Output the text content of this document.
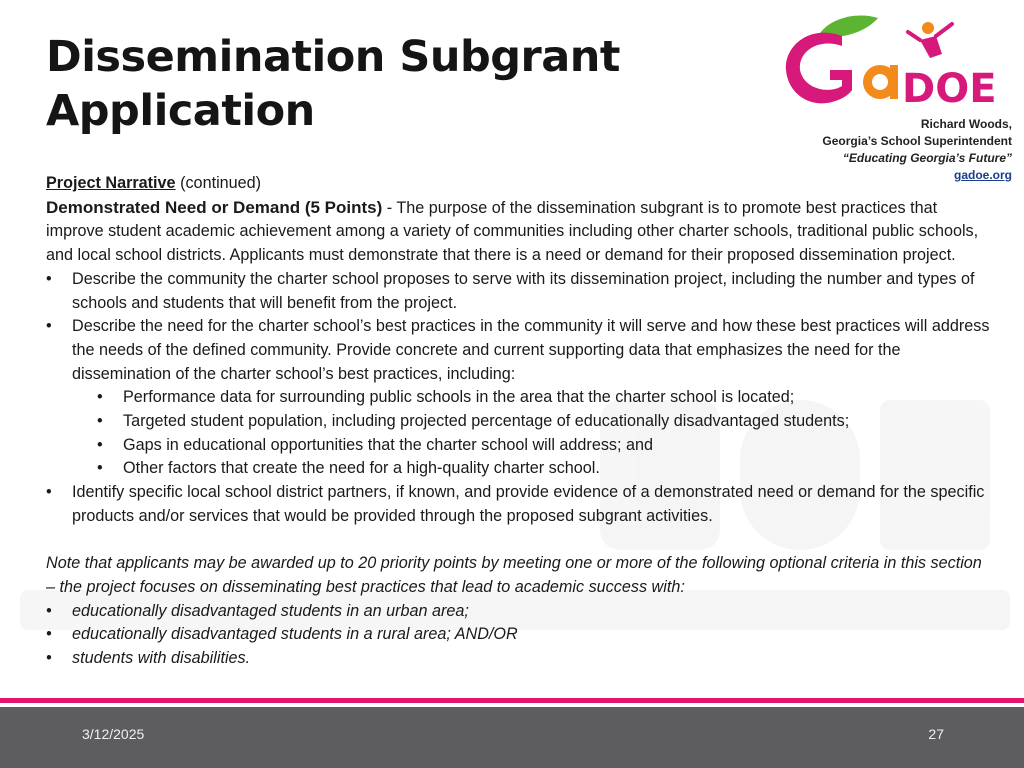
Dissemination Subgrant
Application	DOE
Richard Woods,
Georgia’s School Superintendent
“Educating Georgia’s Future”
gadoe.org

Project Narrative (continued)

Demonstrated Need or Demand (5 Points) - The purpose of the dissemination subgrant is to promote best practices that improve student academic achievement among a variety of communities including other charter schools, traditional public schools, and local school districts. Applicants must demonstrate that there is a need or demand for their proposed dissemination project.

• Describe the community the charter school proposes to serve with its dissemination project, including the number and types of schools and students that will benefit from the project.
• Describe the need for the charter school’s best practices in the community it will serve and how these best practices will address the needs of the defined community. Provide concrete and current supporting data that emphasizes the need for the dissemination of the charter school’s best practices, including:
• Performance data for surrounding public schools in the area that the charter school is located;
• Targeted student population, including projected percentage of educationally disadvantaged students;
• Gaps in educational opportunities that the charter school will address; and
• Other factors that create the need for a high-quality charter school.
• Identify specific local school district partners, if known, and provide evidence of a demonstrated need or demand for the specific products and/or services that would be provided through the proposed subgrant activities.

Note that applicants may be awarded up to 20 priority points by meeting one or more of the following optional criteria in this section – the project focuses on disseminating best practices that lead to academic success with:

• educationally disadvantaged students in an urban area;
• educationally disadvantaged students in a rural area; AND/OR
• students with disabilities.
3/12/2025	27
